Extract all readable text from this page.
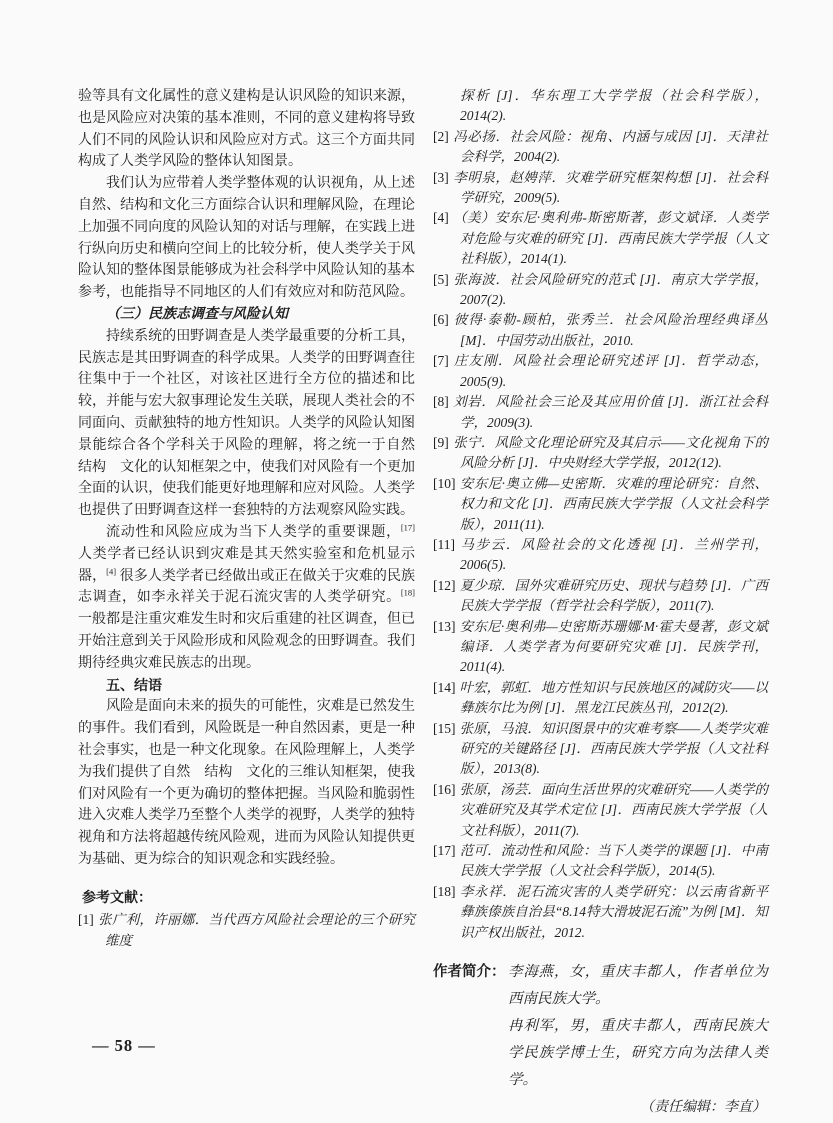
验等具有文化属性的意义建构是认识风险的知识来源，也是风险应对决策的基本准则，不同的意义建构将导致人们不同的风险认识和风险应对方式。这三个方面共同构成了人类学风险的整体认知图景。

我们认为应带着人类学整体观的认识视角，从上述自然、结构和文化三方面综合认识和理解风险，在理论上加强不同向度的风险认知的对话与理解，在实践上进行纵向历史和横向空间上的比较分析，使人类学关于风险认知的整体图景能够成为社会科学中风险认知的基本参考，也能指导不同地区的人们有效应对和防范风险。

（三）民族志调查与风险认知

持续系统的田野调查是人类学最重要的分析工具，民族志是其田野调查的科学成果。人类学的田野调查往往集中于一个社区，对该社区进行全方位的描述和比较，并能与宏大叙事理论发生关联，展现人类社会的不同面向、贡献独特的地方性知识。人类学的风险认知图景能综合各个学科关于风险的理解，将之统一于自然　结构　文化的认知框架之中，使我们对风险有一个更加全面的认识，使我们能更好地理解和应对风险。人类学也提供了田野调查这样一套独特的方法观察风险实践。

流动性和风险应成为当下人类学的重要课题，[17] 人类学者已经认识到灾难是其天然实验室和危机显示器，[4] 很多人类学者已经做出或正在做关于灾难的民族志调查，如李永祥关于泥石流灾害的人类学研究。[18] 一般都是注重灾难发生时和灾后重建的社区调查，但已开始注意到关于风险形成和风险观念的田野调查。我们期待经典灾难民族志的出现。

五、结语

风险是面向未来的损失的可能性，灾难是已然发生的事件。我们看到，风险既是一种自然因素，更是一种社会事实，也是一种文化现象。在风险理解上，人类学为我们提供了自然　结构　文化的三维认知框架，使我们对风险有一个更为确切的整体把握。当风险和脆弱性进入灾难人类学乃至整个人类学的视野，人类学的独特视角和方法将超越传统风险观，进而为风险认知提供更为基础、更为综合的知识观念和实践经验。

参考文献：

[1] 张广利，许丽娜．当代西方风险社会理论的三个研究维度

探析 [J]．华东理工大学学报（社会科学版），2014(2).

[2] 冯必扬．社会风险：视角、内涵与成因 [J]．天津社会科学，2004(2).

[3] 李明泉，赵娉萍．灾难学研究框架构想 [J]．社会科学研究，2009(5).

[4] （美）安东尼·奥利弗-斯密斯著，彭文斌译．人类学对危险与灾难的研究 [J]．西南民族大学学报（人文社科版），2014(1).

[5] 张海波．社会风险研究的范式 [J]．南京大学学报，2007(2).

[6] 彼得·泰勒-顾柏，张秀兰．社会风险治理经典译丛 [M]．中国劳动出版社，2010.

[7] 庄友刚．风险社会理论研究述评 [J]．哲学动态，2005(9).

[8] 刘岩．风险社会三论及其应用价值 [J]．浙江社会科学，2009(3).

[9] 张宁．风险文化理论研究及其启示——文化视角下的风险分析 [J]．中央财经大学学报，2012(12).

[10] 安东尼·奥立佛—史密斯．灾难的理论研究：自然、权力和文化 [J]．西南民族大学学报（人文社会科学版），2011(11).

[11] 马步云．风险社会的文化透视 [J]．兰州学刊，2006(5).

[12] 夏少琼．国外灾难研究历史、现状与趋势 [J]．广西民族大学学报（哲学社会科学版），2011(7).

[13] 安东尼·奥利弗—史密斯苏珊娜·M·霍夫曼著，彭文斌编译．人类学者为何要研究灾难 [J]．民族学刊，2011(4).

[14] 叶宏，郭虹．地方性知识与民族地区的减防灾——以彝族尔比为例 [J]．黑龙江民族丛刊，2012(2).

[15] 张原，马浪．知识图景中的灾难考察——人类学灾难研究的关键路径 [J]．西南民族大学学报（人文社科版），2013(8).

[16] 张原，汤芸．面向生活世界的灾难研究——人类学的灾难研究及其学术定位 [J]．西南民族大学学报（人文社科版），2011(7).

[17] 范可．流动性和风险：当下人类学的课题 [J]．中南民族大学学报（人文社会科学版），2014(5).

[18] 李永祥．泥石流灾害的人类学研究：以云南省新平彝族傣族自治县“8.14特大滑坡泥石流”为例 [M]．知识产权出版社，2012.

作者简介： 李海燕，女，重庆丰都人，作者单位为西南民族大学。
冉利军，男，重庆丰都人，西南民族大学民族学博士生，研究方向为法律人类学。
（责任编辑：李直）
— 58 —
